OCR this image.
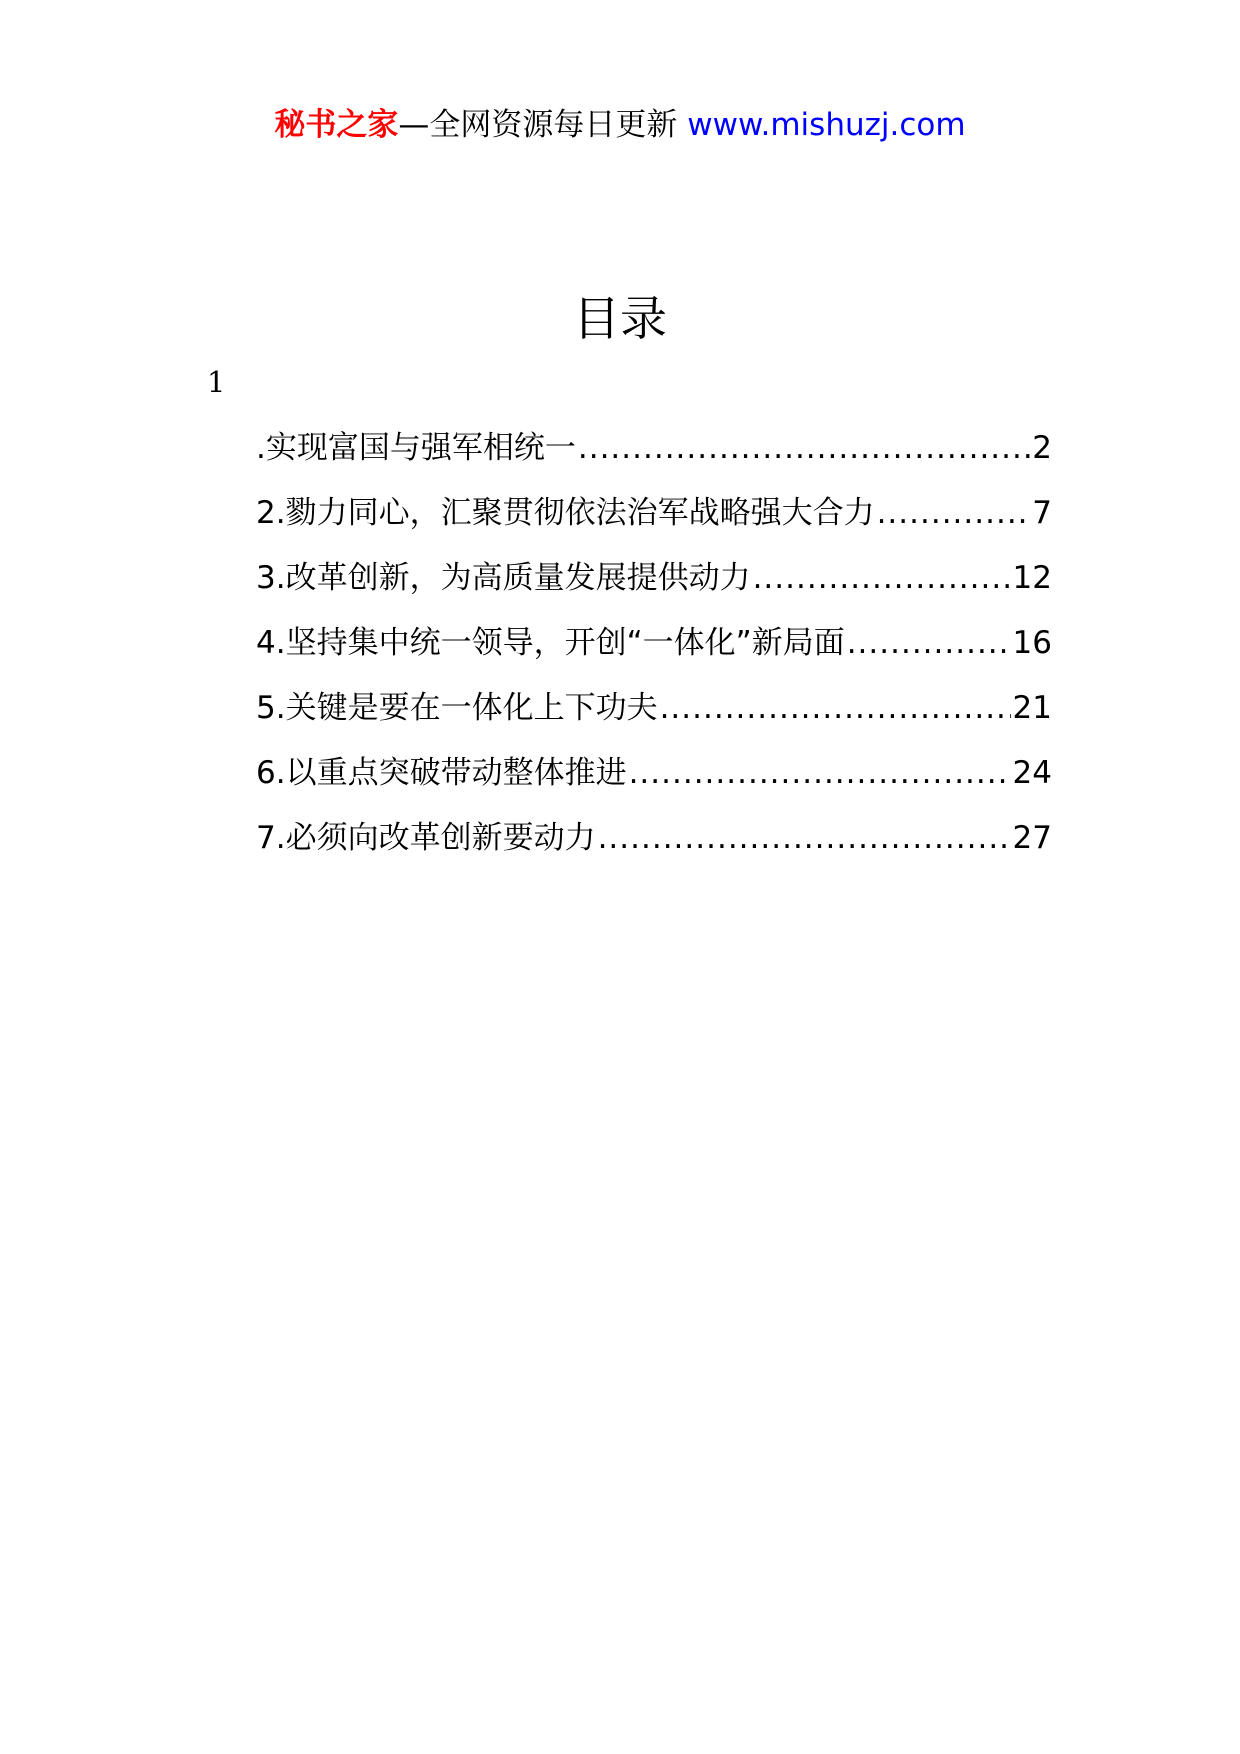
秘书之家—全网资源每日更新 www.mishuzj.com
目录
1
.实现富国与强军相统一 .....	2
2.勠力同心，汇聚贯彻依法治军战略强大合力 .....	7
3.改革创新，为高质量发展提供动力 .....	12
4.坚持集中统一领导，开创“一体化”新局面 .....	16
5.关键是要在一体化上下功夫 .....	21
6.以重点突破带动整体推进 .....	24
7.必须向改革创新要动力 .....	27
